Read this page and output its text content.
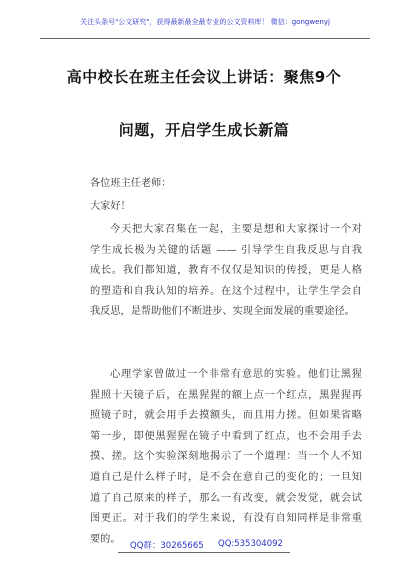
关注头条号"公文研究"，获得最新最全最专业的公文资料库！ 微信：gongwenyj
高中校长在班主任会议上讲话：聚焦9个
问题，开启学生成长新篇
各位班主任老师：
大家好！
今天把大家召集在一起，主要是想和大家探讨一个对
学生成长极为关键的话题 —— 引导学生自我反思与自我
成长。我们都知道，教育不仅仅是知识的传授，更是人格
的塑造和自我认知的培养。在这个过程中，让学生学会自
我反思，是帮助他们不断进步、实现全面发展的重要途径。
心理学家曾做过一个非常有意思的实验。他们让黑猩
猩照十天镜子后，在黑猩猩的额上点一个红点，黑猩猩再
照镜子时，就会用手去摸额头，而且用力搓。但如果省略
第一步，即便黑猩猩在镜子中看到了红点，也不会用手去
摸、搓。这个实验深刻地揭示了一个道理：当一个人不知
道自己是什么样子时，是不会在意自己的变化的；一旦知
道了自己原来的样子，那么一有改变，就会发觉，就会试
图更正。对于我们的学生来说，有没有自知同样是非常重
要的。
QQ群：30265665 QQ:535304092
